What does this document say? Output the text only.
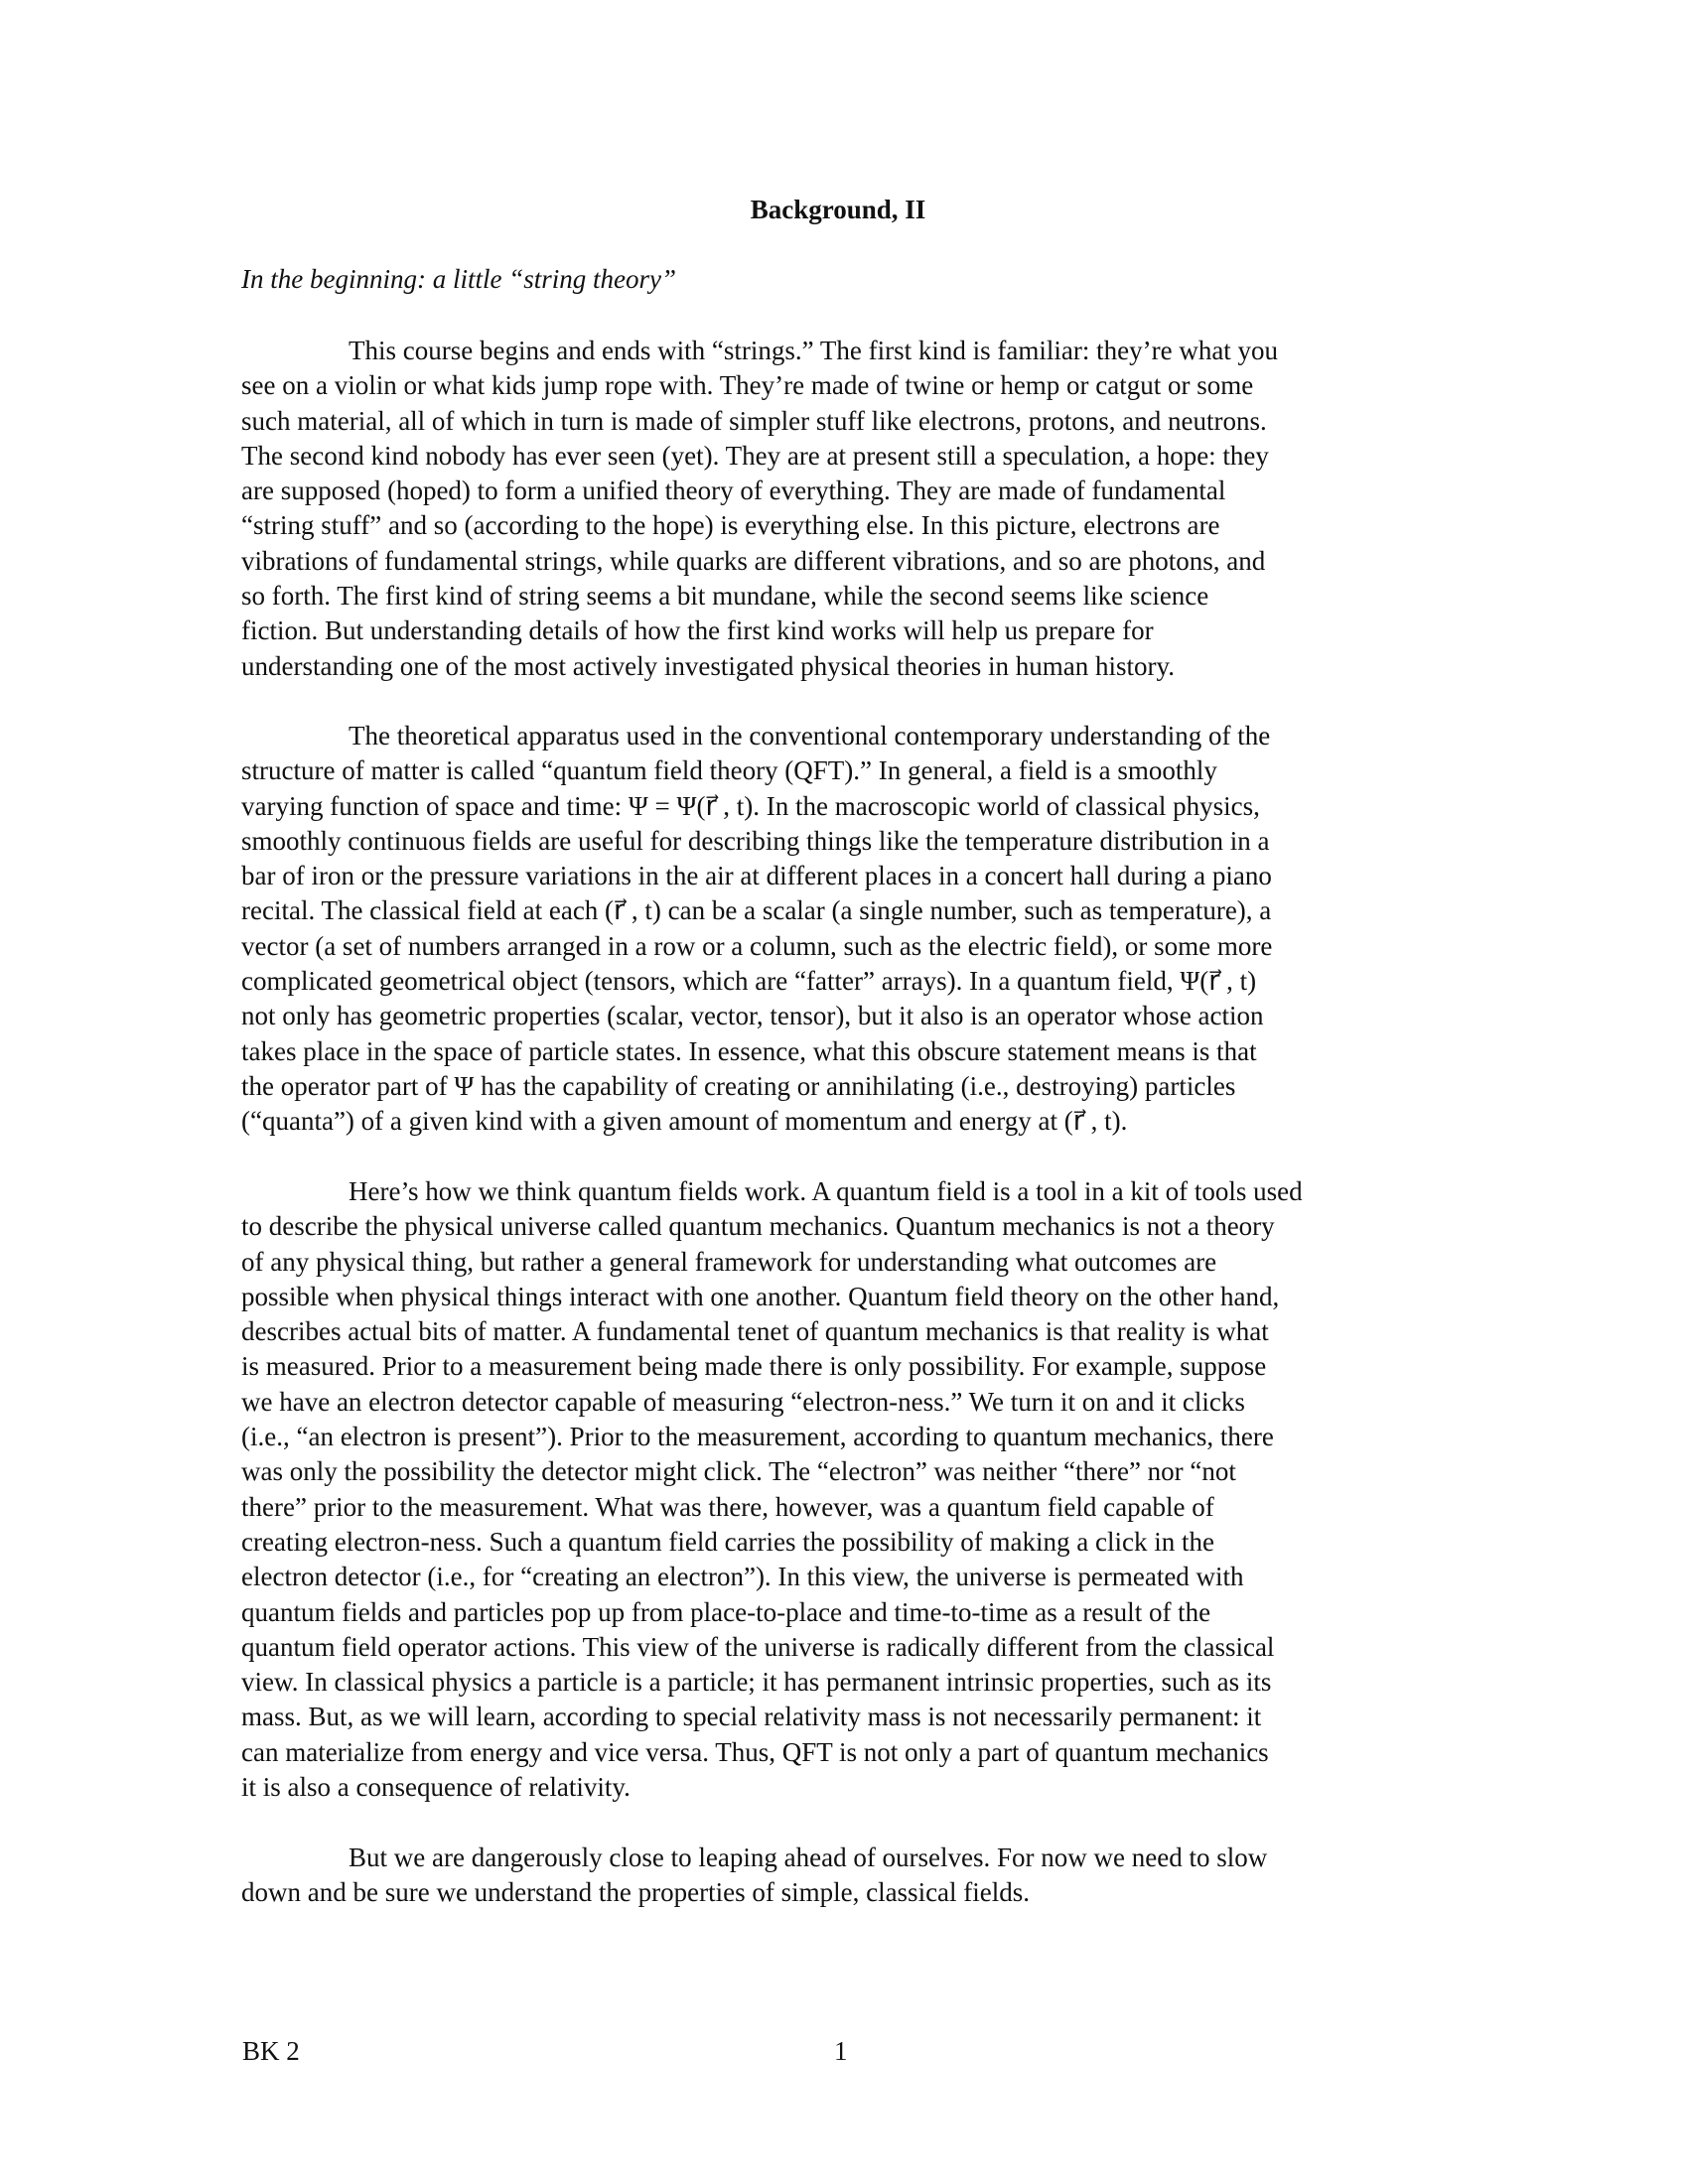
Background, II
In the beginning: a little “string theory”
This course begins and ends with “strings.” The first kind is familiar: they’re what you
see on a violin or what kids jump rope with. They’re made of twine or hemp or catgut or some
such material, all of which in turn is made of simpler stuff like electrons, protons, and neutrons.
The second kind nobody has ever seen (yet). They are at present still a speculation, a hope: they
are supposed (hoped) to form a unified theory of everything. They are made of fundamental
“string stuff” and so (according to the hope) is everything else. In this picture, electrons are
vibrations of fundamental strings, while quarks are different vibrations, and so are photons, and
so forth. The first kind of string seems a bit mundane, while the second seems like science
fiction. But understanding details of how the first kind works will help us prepare for
understanding one of the most actively investigated physical theories in human history.
The theoretical apparatus used in the conventional contemporary understanding of the
structure of matter is called “quantum field theory (QFT).” In general, a field is a smoothly
varying function of space and time: Ψ = Ψ(r⃗ , t). In the macroscopic world of classical physics,
smoothly continuous fields are useful for describing things like the temperature distribution in a
bar of iron or the pressure variations in the air at different places in a concert hall during a piano
recital. The classical field at each (r⃗ , t) can be a scalar (a single number, such as temperature), a
vector (a set of numbers arranged in a row or a column, such as the electric field), or some more
complicated geometrical object (tensors, which are “fatter” arrays). In a quantum field, Ψ(r⃗ , t)
not only has geometric properties (scalar, vector, tensor), but it also is an operator whose action
takes place in the space of particle states. In essence, what this obscure statement means is that
the operator part of Ψ has the capability of creating or annihilating (i.e., destroying) particles
(“quanta”) of a given kind with a given amount of momentum and energy at (r⃗ , t).
Here’s how we think quantum fields work. A quantum field is a tool in a kit of tools used
to describe the physical universe called quantum mechanics. Quantum mechanics is not a theory
of any physical thing, but rather a general framework for understanding what outcomes are
possible when physical things interact with one another. Quantum field theory on the other hand,
describes actual bits of matter. A fundamental tenet of quantum mechanics is that reality is what
is measured. Prior to a measurement being made there is only possibility. For example, suppose
we have an electron detector capable of measuring “electron-ness.” We turn it on and it clicks
(i.e., “an electron is present”). Prior to the measurement, according to quantum mechanics, there
was only the possibility the detector might click. The “electron” was neither “there” nor “not
there” prior to the measurement. What was there, however, was a quantum field capable of
creating electron-ness. Such a quantum field carries the possibility of making a click in the
electron detector (i.e., for “creating an electron”). In this view, the universe is permeated with
quantum fields and particles pop up from place-to-place and time-to-time as a result of the
quantum field operator actions. This view of the universe is radically different from the classical
view. In classical physics a particle is a particle; it has permanent intrinsic properties, such as its
mass. But, as we will learn, according to special relativity mass is not necessarily permanent: it
can materialize from energy and vice versa. Thus, QFT is not only a part of quantum mechanics
it is also a consequence of relativity.
But we are dangerously close to leaping ahead of ourselves. For now we need to slow
down and be sure we understand the properties of simple, classical fields.
BK 2	1
